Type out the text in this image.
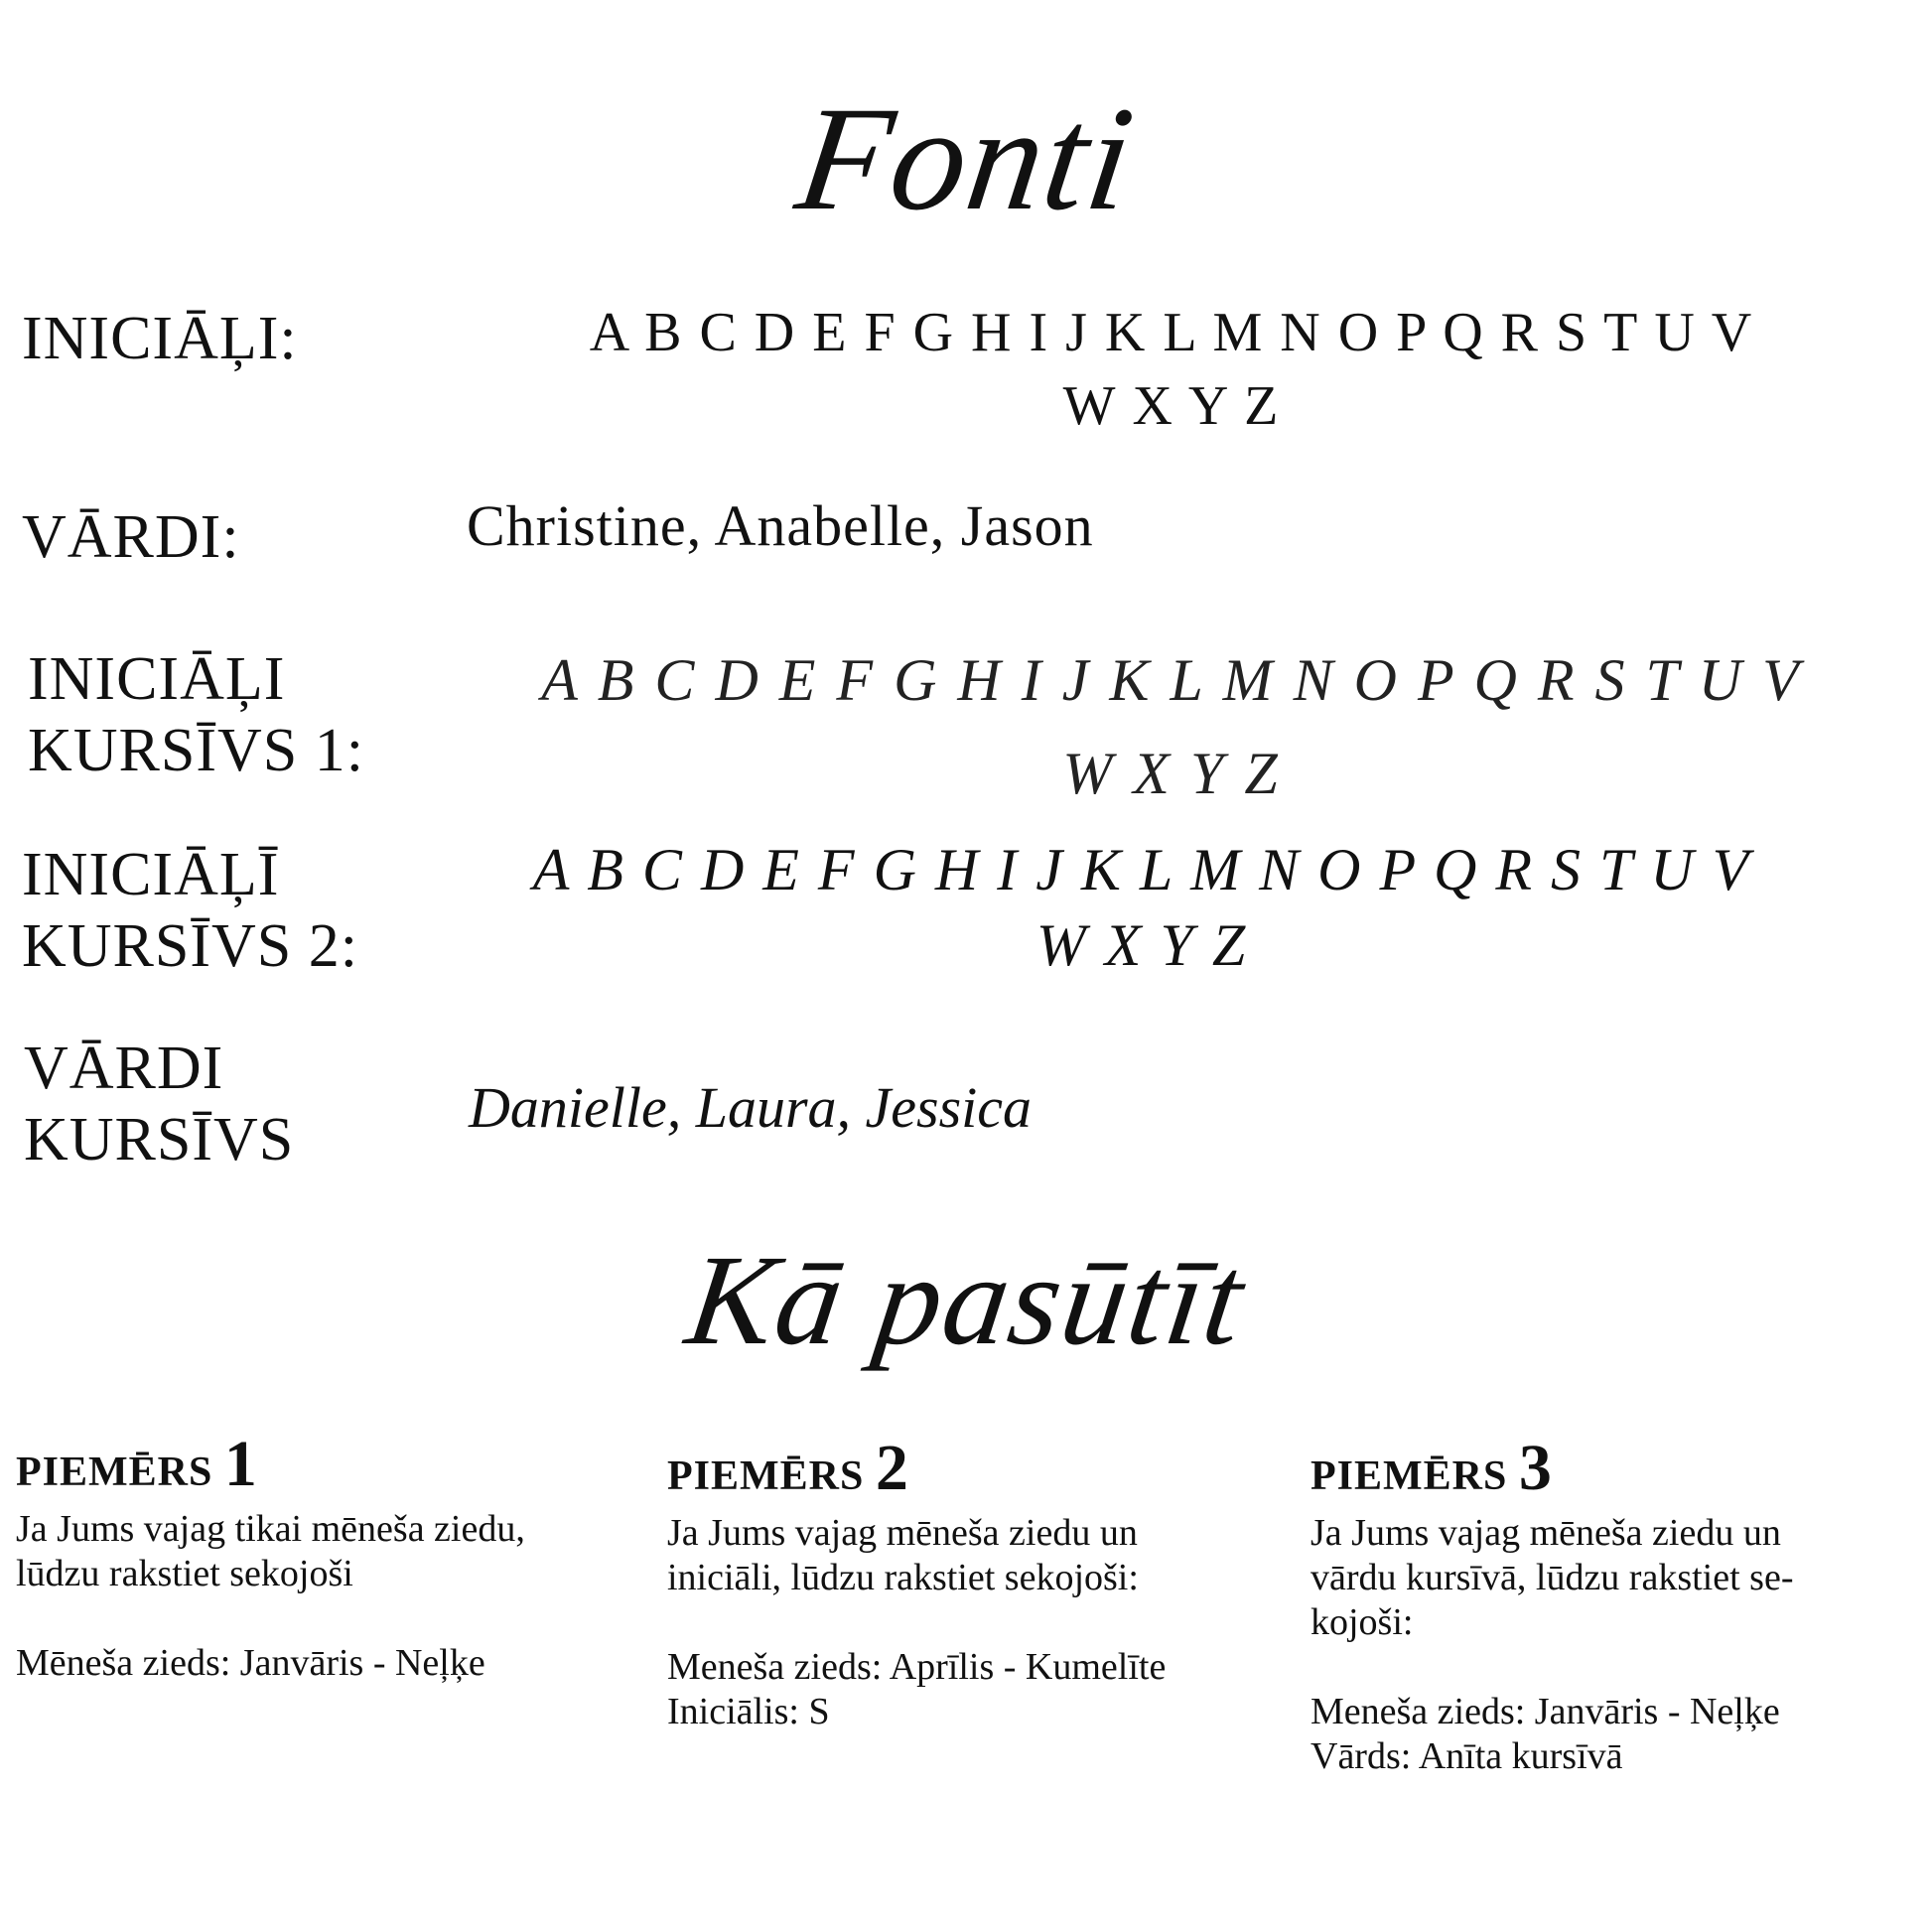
Fonti
INICIĀĻI:	A B C D E F G H I J K L M N O P Q R S T U V
W X Y Z
VĀRDI:	Christine, Anabelle, Jason
INICIĀĻI
KURSĪVS 1:
A B C D E F G H I J K L M N O P Q R S T U V
W X Y Z
INICIĀĻĪ
KURSĪVS 2:
A B C D E F G H I J K L M N O P Q R S T U V
W X Y Z
VĀRDI
KURSĪVS	Danielle, Laura, Jessica
Kā pasūtīt
PIEMĒRS 1
Ja Jums vajag tikai mēneša ziedu,
lūdzu rakstiet sekojoši
Mēneša zieds: Janvāris - Neļķe
PIEMĒRS 2
Ja Jums vajag mēneša ziedu un
iniciāli, lūdzu rakstiet sekojoši:
Meneša zieds: Aprīlis - Kumelīte
Iniciālis: S
PIEMĒRS 3
Ja Jums vajag mēneša ziedu un
vārdu kursīvā, lūdzu rakstiet se-
kojoši:
Meneša zieds: Janvāris - Neļķe
Vārds: Anīta kursīvā
